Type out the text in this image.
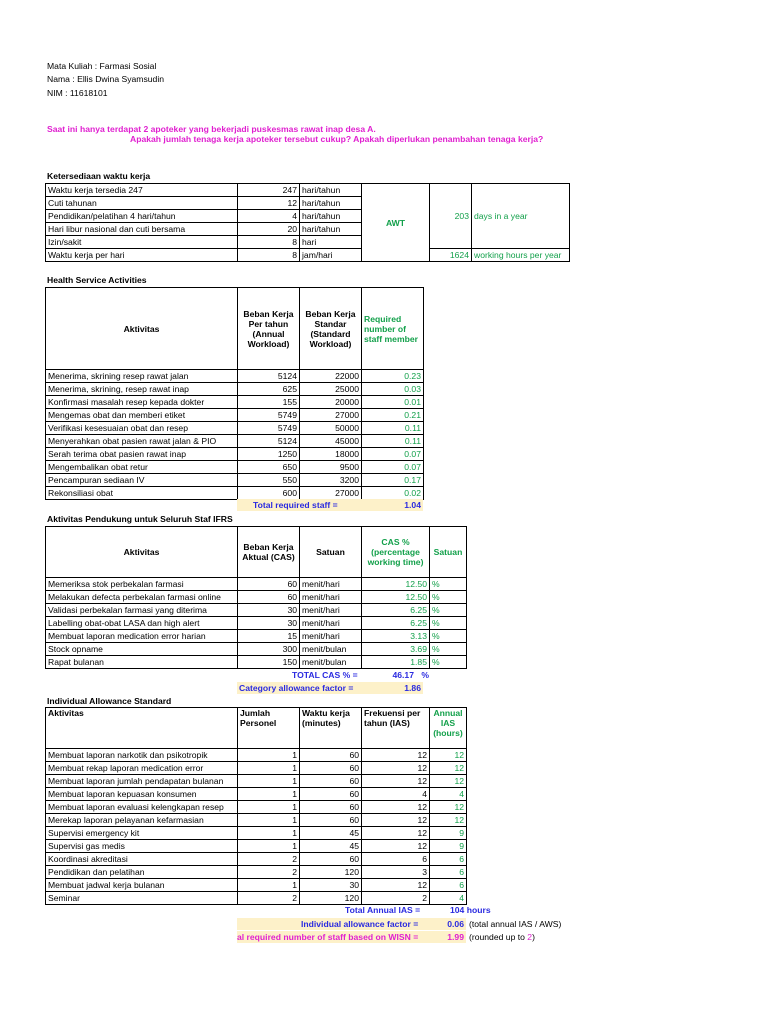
Mata Kuliah : Farmasi Sosial
Nama : Ellis Dwina Syamsudin
NIM : 11618101
Saat ini hanya terdapat 2 apoteker yang bekerjadi puskesmas rawat inap desa A.
Apakah jumlah tenaga kerja apoteker tersebut cukup? Apakah diperlukan penambahan tenaga kerja?
Ketersediaan waktu kerja
Waktu kerja tersedia 247	247	hari/tahun	AWT	203	days in a year
Cuti tahunan	12	hari/tahun			
Pendidikan/pelatihan 4 hari/tahun	4	hari/tahun			
Hari libur nasional dan cuti bersama	20	hari/tahun			
Izin/sakit	8	hari			
Waktu kerja per hari	8	jam/hari		1624	working hours per year
Health Service Activities
Aktivitas	Beban Kerja Per tahun (Annual Workload)	Beban Kerja Standar (Standard Workload)	Required number of staff member
Menerima, skrining resep rawat jalan	5124	22000	0.23
Menerima, skrining, resep rawat inap	625	25000	0.03
Konfirmasi masalah resep kepada dokter	155	20000	0.01
Mengemas obat dan memberi etiket	5749	27000	0.21
Verifikasi kesesuaian obat dan resep	5749	50000	0.11
Menyerahkan obat pasien rawat jalan & PIO	5124	45000	0.11
Serah terima obat pasien rawat inap	1250	18000	0.07
Mengembalikan obat retur	650	9500	0.07
Pencampuran sediaan IV	550	3200	0.17
Rekonsiliasi obat	600	27000	0.02
Total required staff =	1.04
Aktivitas Pendukung untuk Seluruh Staf IFRS
Aktivitas	Beban Kerja Aktual (CAS)	Satuan	CAS % (percentage working time)	Satuan
Memeriksa stok perbekalan farmasi	60	menit/hari	12.50	%
Melakukan defecta perbekalan farmasi online	60	menit/hari	12.50	%
Validasi perbekalan farmasi yang diterima	30	menit/hari	6.25	%
Labelling obat-obat LASA dan high alert	30	menit/hari	6.25	%
Membuat laporan medication error harian	15	menit/hari	3.13	%
Stock opname	300	menit/bulan	3.69	%
Rapat bulanan	150	menit/bulan	1.85	%
TOTAL CAS % =	46.17 %
Category allowance factor =	1.86
Individual Allowance Standard
Aktivitas	Jumlah Personel	Waktu kerja (minutes)	Frekuensi per tahun (IAS)	Annual IAS (hours)
Membuat laporan narkotik dan psikotropik	1	60	12	12
Membuat rekap laporan medication error	1	60	12	12
Membuat laporan jumlah pendapatan bulanan	1	60	12	12
Membuat laporan kepuasan konsumen	1	60	4	4
Membuat laporan evaluasi kelengkapan resep	1	60	12	12
Merekap laporan pelayanan kefarmasian	1	60	12	12
Supervisi emergency kit	1	45	12	9
Supervisi gas medis	1	45	12	9
Koordinasi akreditasi	2	60	6	6
Pendidikan dan pelatihan	2	120	3	6
Membuat jadwal kerja bulanan	1	30	12	6
Seminar	2	120	2	4
Total Annual IAS =	104 hours
Individual allowance factor =	0.06 (total annual IAS / AWS)
al required number of staff based on WISN =	1.99 (rounded up to 2)
